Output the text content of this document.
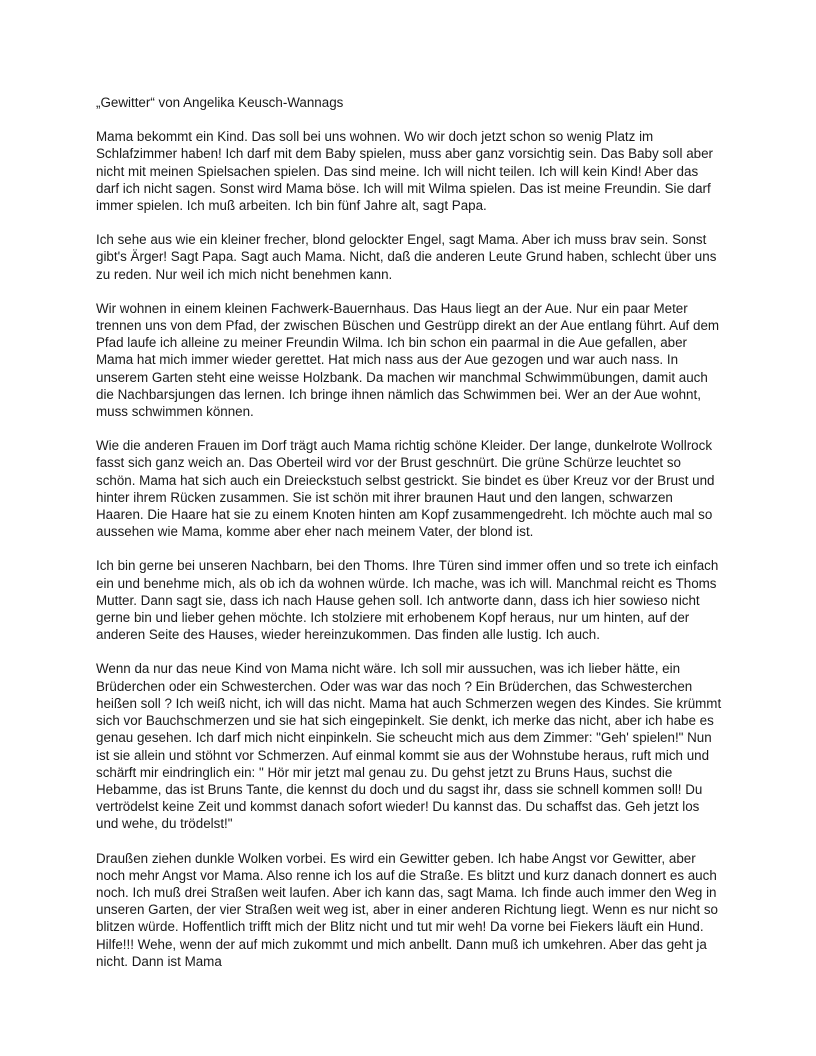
„Gewitter“ von Angelika Keusch-Wannags

Mama bekommt ein Kind. Das soll bei uns wohnen. Wo wir doch jetzt schon so wenig Platz im Schlafzimmer haben! Ich darf mit dem Baby spielen, muss aber ganz vorsichtig sein. Das Baby soll aber nicht mit meinen Spielsachen spielen. Das sind meine. Ich will nicht teilen. Ich will kein Kind! Aber das darf ich nicht sagen. Sonst wird Mama böse. Ich will mit Wilma spielen. Das ist meine Freundin. Sie darf immer spielen. Ich muß arbeiten. Ich bin fünf Jahre alt, sagt Papa.

Ich sehe aus wie ein kleiner frecher, blond gelockter Engel, sagt Mama. Aber ich muss brav sein. Sonst gibt's Ärger! Sagt Papa. Sagt auch Mama. Nicht, daß die anderen Leute Grund haben, schlecht über uns zu reden. Nur weil ich mich nicht benehmen kann.

Wir wohnen in einem kleinen Fachwerk-Bauernhaus. Das Haus liegt an der Aue. Nur ein paar Meter trennen uns von dem Pfad, der zwischen Büschen und Gestrüpp direkt an der Aue entlang führt. Auf dem Pfad laufe ich alleine zu meiner Freundin Wilma. Ich bin schon ein paarmal in die Aue gefallen, aber Mama hat mich immer wieder gerettet. Hat mich nass aus der Aue gezogen und war auch nass. In unserem Garten steht eine weisse Holzbank. Da machen wir manchmal Schwimmübungen, damit auch die Nachbarsjungen das lernen. Ich bringe ihnen nämlich das Schwimmen bei. Wer an der Aue wohnt, muss schwimmen können.

Wie die anderen Frauen im Dorf trägt auch Mama richtig schöne Kleider. Der lange, dunkelrote Wollrock fasst sich ganz weich an. Das Oberteil wird vor der Brust geschnürt. Die grüne Schürze leuchtet so schön. Mama hat sich auch ein Dreieckstuch selbst gestrickt. Sie bindet es über Kreuz vor der Brust und hinter ihrem Rücken zusammen. Sie ist schön mit ihrer braunen Haut und den langen, schwarzen Haaren. Die Haare hat sie zu einem Knoten hinten am Kopf zusammengedreht. Ich möchte auch mal so aussehen wie Mama, komme aber eher nach meinem Vater, der blond ist.

Ich bin gerne bei unseren Nachbarn, bei den Thoms. Ihre Türen sind immer offen und so trete ich einfach ein und benehme mich, als ob ich da wohnen würde. Ich mache, was ich will. Manchmal reicht es Thoms Mutter. Dann sagt sie, dass ich nach Hause gehen soll. Ich antworte dann, dass ich hier sowieso nicht gerne bin und lieber gehen möchte. Ich stolziere mit erhobenem Kopf heraus, nur um hinten, auf der anderen Seite des Hauses, wieder hereinzukommen. Das finden alle lustig. Ich auch.

Wenn da nur das neue Kind von Mama nicht wäre. Ich soll mir aussuchen, was ich lieber hätte, ein Brüderchen oder ein Schwesterchen. Oder was war das noch ? Ein Brüderchen, das Schwesterchen heißen soll ? Ich weiß nicht, ich will das nicht. Mama hat auch Schmerzen wegen des Kindes. Sie krümmt sich vor Bauchschmerzen und sie hat sich eingepinkelt. Sie denkt, ich merke das nicht, aber ich habe es genau gesehen. Ich darf mich nicht einpinkeln. Sie scheucht mich aus dem Zimmer: "Geh' spielen!" Nun ist sie allein und stöhnt vor Schmerzen. Auf einmal kommt sie aus der Wohnstube heraus, ruft mich und schärft mir eindringlich ein: " Hör mir jetzt mal genau zu. Du gehst jetzt zu Bruns Haus, suchst die Hebamme, das ist Bruns Tante, die kennst du doch und du sagst ihr, dass sie schnell kommen soll! Du vertrödelst keine Zeit und kommst danach sofort wieder! Du kannst das. Du schaffst das. Geh jetzt los und wehe, du trödelst!"

Draußen ziehen dunkle Wolken vorbei. Es wird ein Gewitter geben. Ich habe Angst vor Gewitter, aber noch mehr Angst vor Mama. Also renne ich los auf die Straße. Es blitzt und kurz danach donnert es auch noch. Ich muß drei Straßen weit laufen. Aber ich kann das, sagt Mama. Ich finde auch immer den Weg in unseren Garten, der vier Straßen weit weg ist, aber in einer anderen Richtung liegt. Wenn es nur nicht so blitzen würde. Hoffentlich trifft mich der Blitz nicht und tut mir weh! Da vorne bei Fiekers läuft ein Hund. Hilfe!!! Wehe, wenn der auf mich zukommt und mich anbellt. Dann muß ich umkehren. Aber das geht ja nicht. Dann ist Mama
